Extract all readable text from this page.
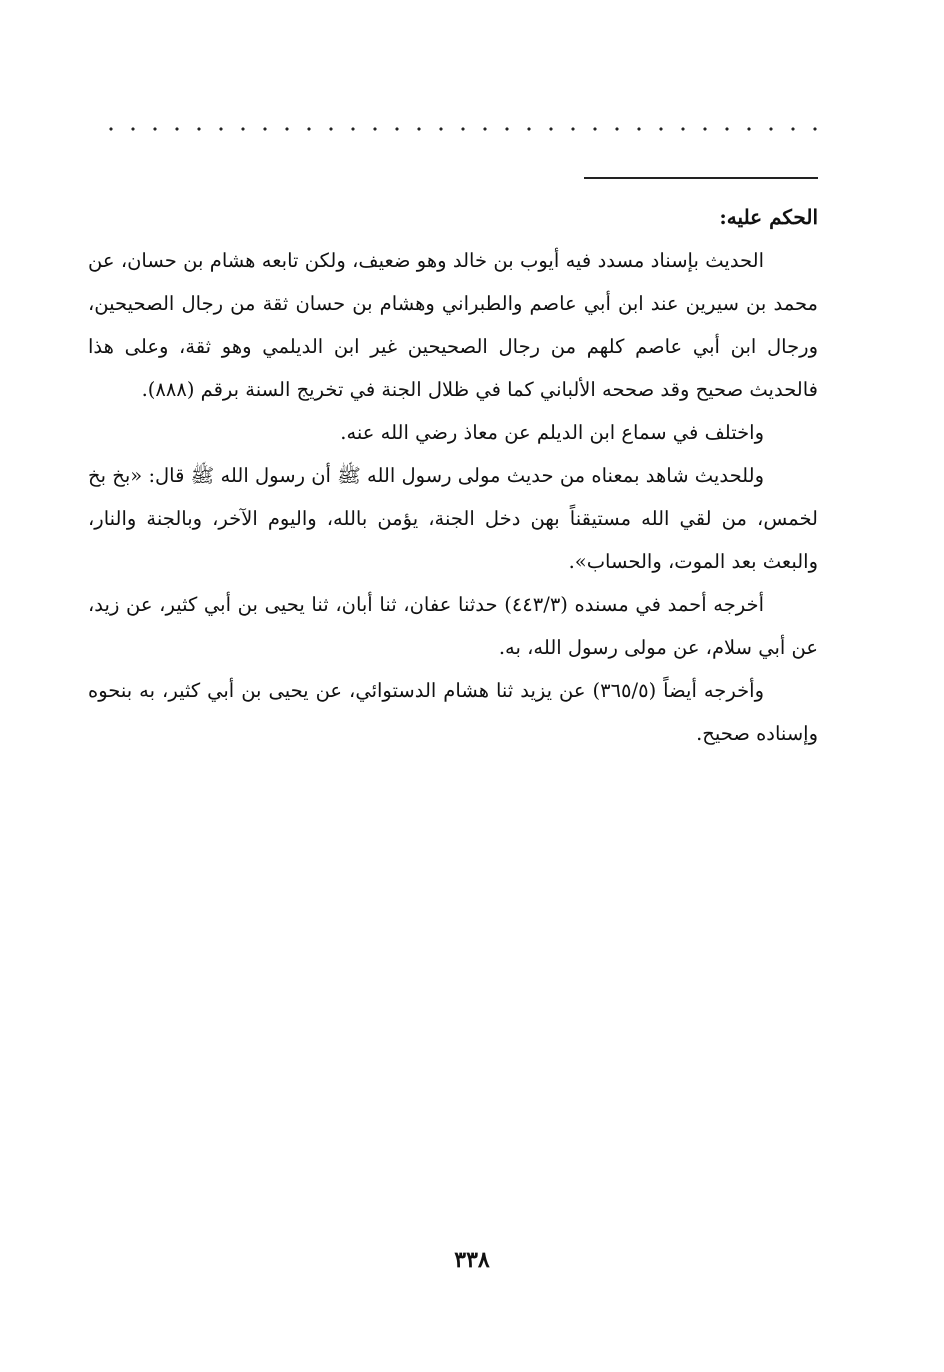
الحكم عليه:

الحديث بإسناد مسدد فيه أيوب بن خالد وهو ضعيف، ولكن تابعه هشام بن حسان، عن محمد بن سيرين عند ابن أبي عاصم والطبراني وهشام بن حسان ثقة من رجال الصحيحين، ورجال ابن أبي عاصم كلهم من رجال الصحيحين غير ابن الديلمي وهو ثقة، وعلى هذا فالحديث صحيح وقد صححه الألباني كما في ظلال الجنة في تخريج السنة برقم (٨٨٨).

واختلف في سماع ابن الديلم عن معاذ رضي الله عنه.

وللحديث شاهد بمعناه من حديث مولى رسول الله ﷺ أن رسول الله ﷺ قال: «بخ بخ لخمس، من لقي الله مستيقناً بهن دخل الجنة، يؤمن بالله، واليوم الآخر، وبالجنة والنار، والبعث بعد الموت، والحساب».

أخرجه أحمد في مسنده (٤٤٣/٣) حدثنا عفان، ثنا أبان، ثنا يحيى بن أبي كثير، عن زيد، عن أبي سلام، عن مولى رسول الله، به.

وأخرجه أيضاً (٣٦٥/٥) عن يزيد ثنا هشام الدستوائي، عن يحيى بن أبي كثير، به بنحوه وإسناده صحيح.

٣٣٨
